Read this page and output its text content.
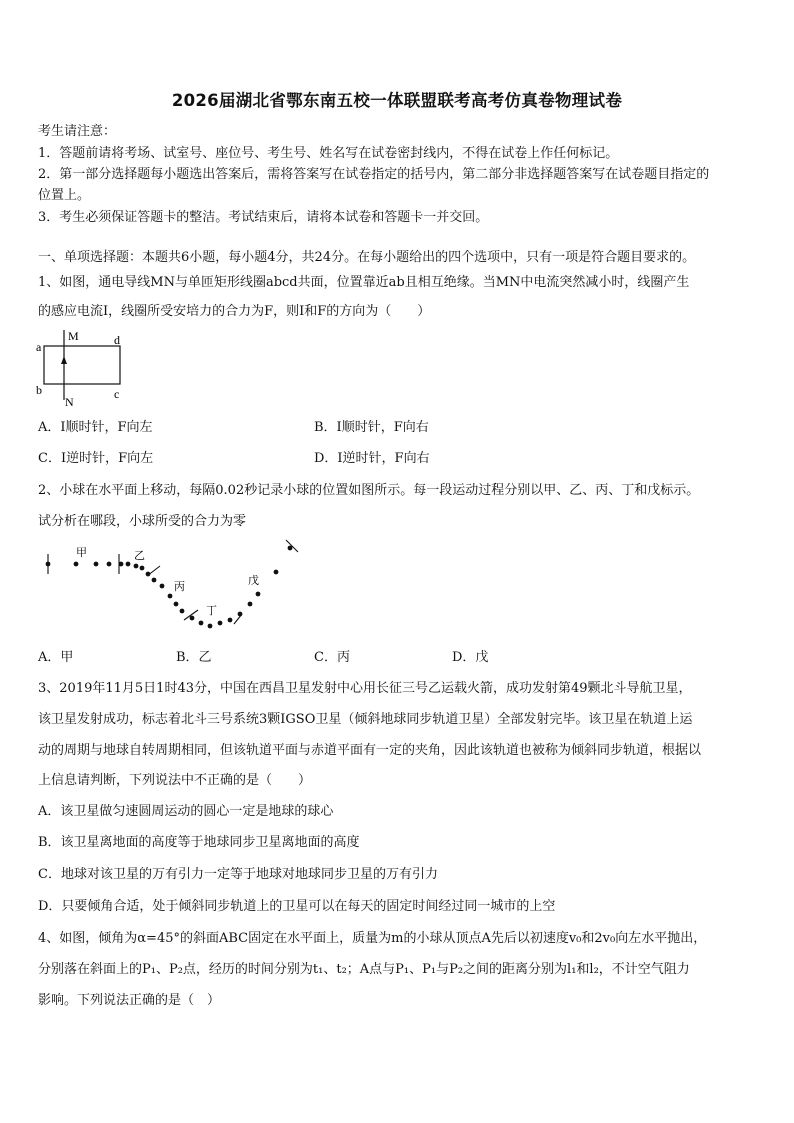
2026届湖北省鄂东南五校一体联盟联考高考仿真卷物理试卷
考生请注意：
1．答题前请将考场、试室号、座位号、考生号、姓名写在试卷密封线内，不得在试卷上作任何标记。
2．第一部分选择题每小题选出答案后，需将答案写在试卷指定的括号内，第二部分非选择题答案写在试卷题目指定的
位置上。
3．考生必须保证答题卡的整洁。考试结束后，请将本试卷和答题卡一并交回。
一、单项选择题：本题共6小题，每小题4分，共24分。在每小题给出的四个选项中，只有一项是符合题目要求的。
1、如图，通电导线MN与单匝矩形线圈abcd共面，位置靠近ab且相互绝缘。当MN中电流突然减小时，线圈产生
的感应电流I，线圈所受安培力的合力为F，则I和F的方向为（　　）
a
b	c
d
M
N
A．I顺时针，F向左	B．I顺时针，F向右
C．I逆时针，F向左	D．I逆时针，F向右
2、小球在水平面上移动，每隔0.02秒记录小球的位置如图所示。每一段运动过程分别以甲、乙、丙、丁和戊标示。
试分析在哪段，小球所受的合力为零
甲	乙
丙
丁
戊
A．甲	B．乙	C．丙	D．戊
3、2019年11月5日1时43分，中国在西昌卫星发射中心用长征三号乙运载火箭，成功发射第49颗北斗导航卫星，
该卫星发射成功，标志着北斗三号系统3颗IGSO卫星（倾斜地球同步轨道卫星）全部发射完毕。该卫星在轨道上运
动的周期与地球自转周期相同，但该轨道平面与赤道平面有一定的夹角，因此该轨道也被称为倾斜同步轨道，根据以
上信息请判断，下列说法中不正确的是（　　）
A．该卫星做匀速圆周运动的圆心一定是地球的球心
B．该卫星离地面的高度等于地球同步卫星离地面的高度
C．地球对该卫星的万有引力一定等于地球对地球同步卫星的万有引力
D．只要倾角合适，处于倾斜同步轨道上的卫星可以在每天的固定时间经过同一城市的上空
4、如图，倾角为α=45°的斜面ABC固定在水平面上，质量为m的小球从顶点A先后以初速度v₀和2v₀向左水平抛出，
分别落在斜面上的P₁、P₂点，经历的时间分别为t₁、t₂；A点与P₁、P₁与P₂之间的距离分别为l₁和l₂，不计空气阻力
影响。下列说法正确的是（　）
